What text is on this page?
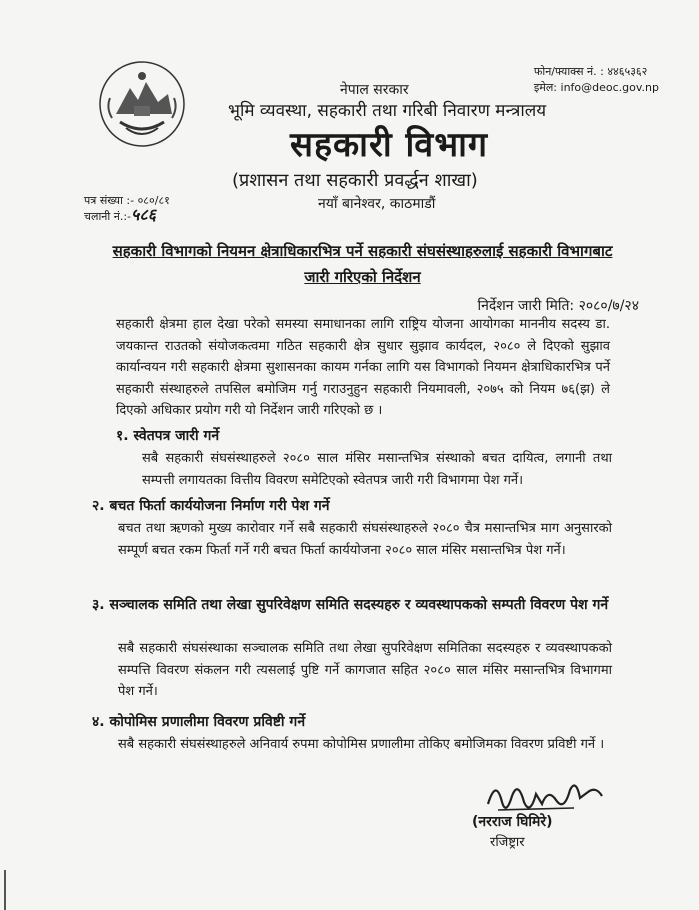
फोन/फ्याक्स नं. : ४४६५३६२
इमेल: info@deoc.gov.np
नेपाल सरकार
भूमि व्यवस्था, सहकारी तथा गरिबी निवारण मन्त्रालय
सहकारी विभाग
(प्रशासन तथा सहकारी प्रवर्द्धन शाखा)
नयाँ बानेश्वर, काठमाडौं
पत्र संख्या :- ०८०/८१
चलानी नं.:-५८६
सहकारी विभागको नियमन क्षेत्राधिकारभित्र पर्ने सहकारी संघसंस्थाहरुलाई सहकारी विभागबाट जारी गरिएको निर्देशन
निर्देशन जारी मिति: २०८०/७/२४
सहकारी क्षेत्रमा हाल देखा परेको समस्या समाधानका लागि राष्ट्रिय योजना आयोगका माननीय सदस्य डा. जयकान्त राउतको संयोजकत्वमा गठित सहकारी क्षेत्र सुधार सुझाव कार्यदल, २०८० ले दिएको सुझाव कार्यान्वयन गरी सहकारी क्षेत्रमा सुशासनका कायम गर्नका लागि यस विभागको नियमन क्षेत्राधिकारभित्र पर्ने सहकारी संस्थाहरुले तपसिल बमोजिम गर्नु गराउनुहुन सहकारी नियमावली, २०७५ को नियम ७६(झ) ले दिएको अधिकार प्रयोग गरी यो निर्देशन जारी गरिएको छ ।
१. स्वेतपत्र जारी गर्ने
सबै सहकारी संघसंस्थाहरुले २०८० साल मंसिर मसान्तभित्र संस्थाको बचत दायित्व, लगानी तथा सम्पत्ती लगायतका वित्तीय विवरण समेटिएको स्वेतपत्र जारी गरी विभागमा पेश गर्ने।
२. बचत फिर्ता कार्ययोजना निर्माण गरी पेश गर्ने
बचत तथा ऋणको मुख्य कारोवार गर्ने सबै सहकारी संघसंस्थाहरुले २०८० चैत्र मसान्तभित्र माग अनुसारको सम्पूर्ण बचत रकम फिर्ता गर्ने गरी बचत फिर्ता कार्ययोजना २०८० साल मंसिर मसान्तभित्र पेश गर्ने।
३. सञ्चालक समिति तथा लेखा सुपरिवेक्षण समिति सदस्यहरु र व्यवस्थापकको सम्पती विवरण पेश गर्ने
सबै सहकारी संघसंस्थाका सञ्चालक समिति तथा लेखा सुपरिवेक्षण समितिका सदस्यहरु र व्यवस्थापकको सम्पत्ति विवरण संकलन गरी त्यसलाई पुष्टि गर्ने कागजात सहित २०८० साल मंसिर मसान्तभित्र विभागमा पेश गर्ने।
४. कोपोमिस प्रणालीमा विवरण प्रविष्टी गर्ने
सबै सहकारी संघसंस्थाहरुले अनिवार्य रुपमा कोपोमिस प्रणालीमा तोकिए बमोजिमका विवरण प्रविष्टी गर्ने ।
(नरराज घिमिरे)
रजिष्ट्रार
